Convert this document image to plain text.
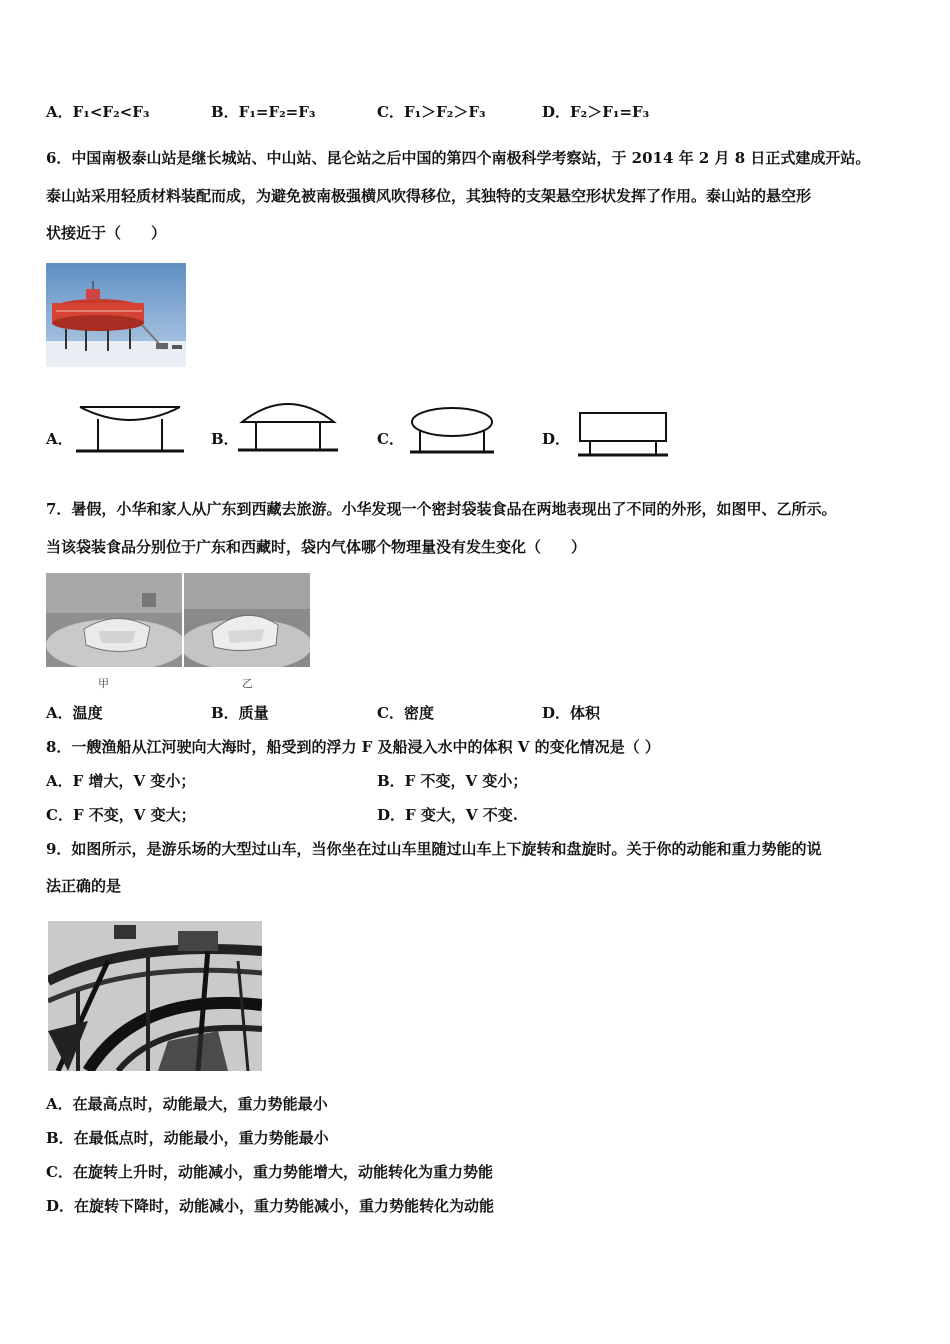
A．F₁<F₂<F₃	B．F₁=F₂=F₃	C．F₁＞F₂＞F₃	D．F₂＞F₁=F₃
6．中国南极泰山站是继长城站、中山站、昆仑站之后中国的第四个南极科学考察站，于 2014 年 2 月 8 日正式建成开站。
泰山站采用轻质材料装配而成，为避免被南极强横风吹得移位，其独特的支架悬空形状发挥了作用。泰山站的悬空形
状接近于（　　）
A．	B．	C．	D．
7．暑假，小华和家人从广东到西藏去旅游。小华发现一个密封袋装食品在两地表现出了不同的外形，如图甲、乙所示。
当该袋装食品分别位于广东和西藏时，袋内气体哪个物理量没有发生变化（　　）
甲	乙
A．温度	B．质量	C．密度	D．体积
8．一艘渔船从江河驶向大海时，船受到的浮力 F 及船浸入水中的体积 V 的变化情况是（ ）
A．F 增大，V 变小；	B．F 不变，V 变小；
C．F 不变，V 变大；	D．F 变大，V 不变.
9．如图所示，是游乐场的大型过山车，当你坐在过山车里随过山车上下旋转和盘旋时。关于你的动能和重力势能的说
法正确的是
A．在最高点时，动能最大，重力势能最小
B．在最低点时，动能最小，重力势能最小
C．在旋转上升时，动能减小，重力势能增大，动能转化为重力势能
D．在旋转下降时，动能减小，重力势能减小，重力势能转化为动能
